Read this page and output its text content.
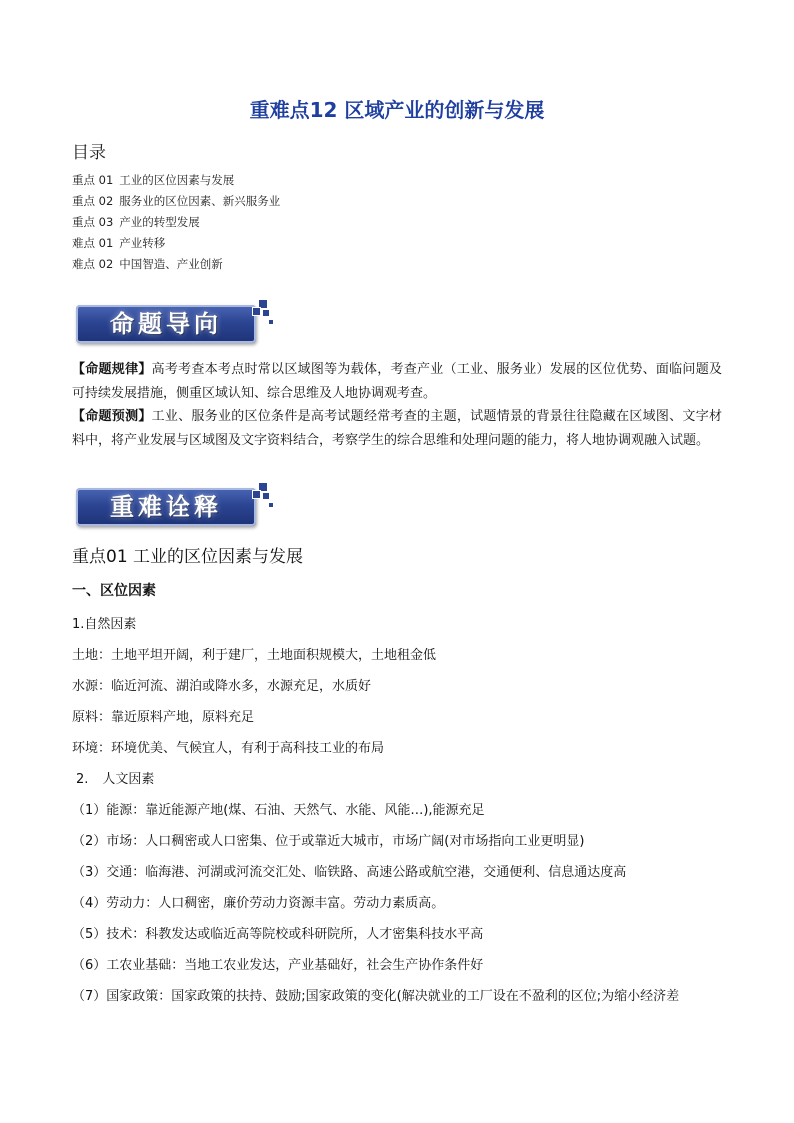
重难点12 区域产业的创新与发展
目录
重点 01 工业的区位因素与发展
重点 02 服务业的区位因素、新兴服务业
重点 03 产业的转型发展
难点 01 产业转移
难点 02 中国智造、产业创新
命题导向

【命题规律】高考考查本考点时常以区域图等为载体，考查产业（工业、服务业）发展的区位优势、面临问题及可持续发展措施，侧重区域认知、综合思维及人地协调观考查。

【命题预测】工业、服务业的区位条件是高考试题经常考查的主题，试题情景的背景往往隐藏在区域图、文字材料中，将产业发展与区域图及文字资料结合，考察学生的综合思维和处理问题的能力，将人地协调观融入试题。

重难诠释
重点01 工业的区位因素与发展
一、区位因素
1.自然因素
土地：土地平坦开阔，利于建厂，土地面积规模大，土地租金低
水源：临近河流、湖泊或降水多，水源充足，水质好
原料：靠近原料产地，原料充足
环境：环境优美、气候宜人，有利于高科技工业的布局
2. 人文因素
（1）能源：靠近能源产地(煤、石油、天然气、水能、风能…),能源充足
（2）市场：人口稠密或人口密集、位于或靠近大城市，市场广阔(对市场指向工业更明显)
（3）交通：临海港、河湖或河流交汇处、临铁路、高速公路或航空港，交通便利、信息通达度高
（4）劳动力：人口稠密，廉价劳动力资源丰富。劳动力素质高。
（5）技术：科教发达或临近高等院校或科研院所，人才密集科技水平高
（6）工农业基础：当地工农业发达，产业基础好，社会生产协作条件好
（7）国家政策：国家政策的扶持、鼓励;国家政策的变化(解决就业的工厂设在不盈利的区位;为缩小经济差
